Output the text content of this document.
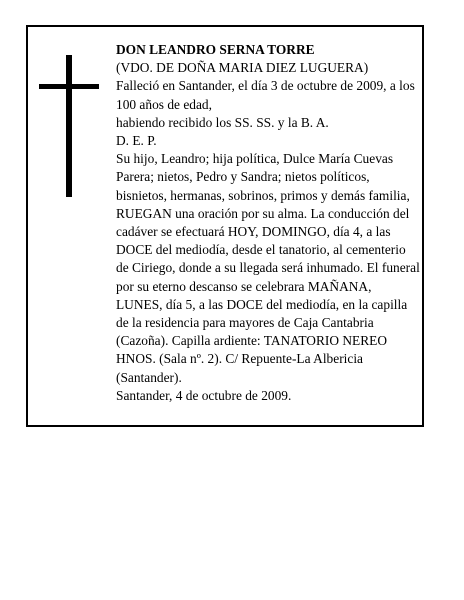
DON LEANDRO SERNA TORRE

(VDO. DE DOÑA MARIA DIEZ LUGUERA)

Falleció en Santander, el día 3 de octubre de 2009, a los 100 años de edad,

habiendo recibido los SS. SS. y la B. A.

D. E. P.

Su hijo, Leandro; hija política, Dulce María Cuevas Parera; nietos, Pedro y Sandra; nietos políticos, bisnietos, hermanas, sobrinos, primos y demás familia, RUEGAN una oración por su alma. La conducción del cadáver se efectuará HOY, DOMINGO, día 4, a las DOCE del mediodía, desde el tanatorio, al cementerio de Ciriego, donde a su llegada será inhumado. El funeral por su eterno descanso se celebrara MAÑANA, LUNES, día 5, a las DOCE del mediodía, en la capilla de la residencia para mayores de Caja Cantabria (Cazoña). Capilla ardiente: TANATORIO NEREO HNOS. (Sala nº. 2). C/ Repuente-La Albericia (Santander).

Santander, 4 de octubre de 2009.
